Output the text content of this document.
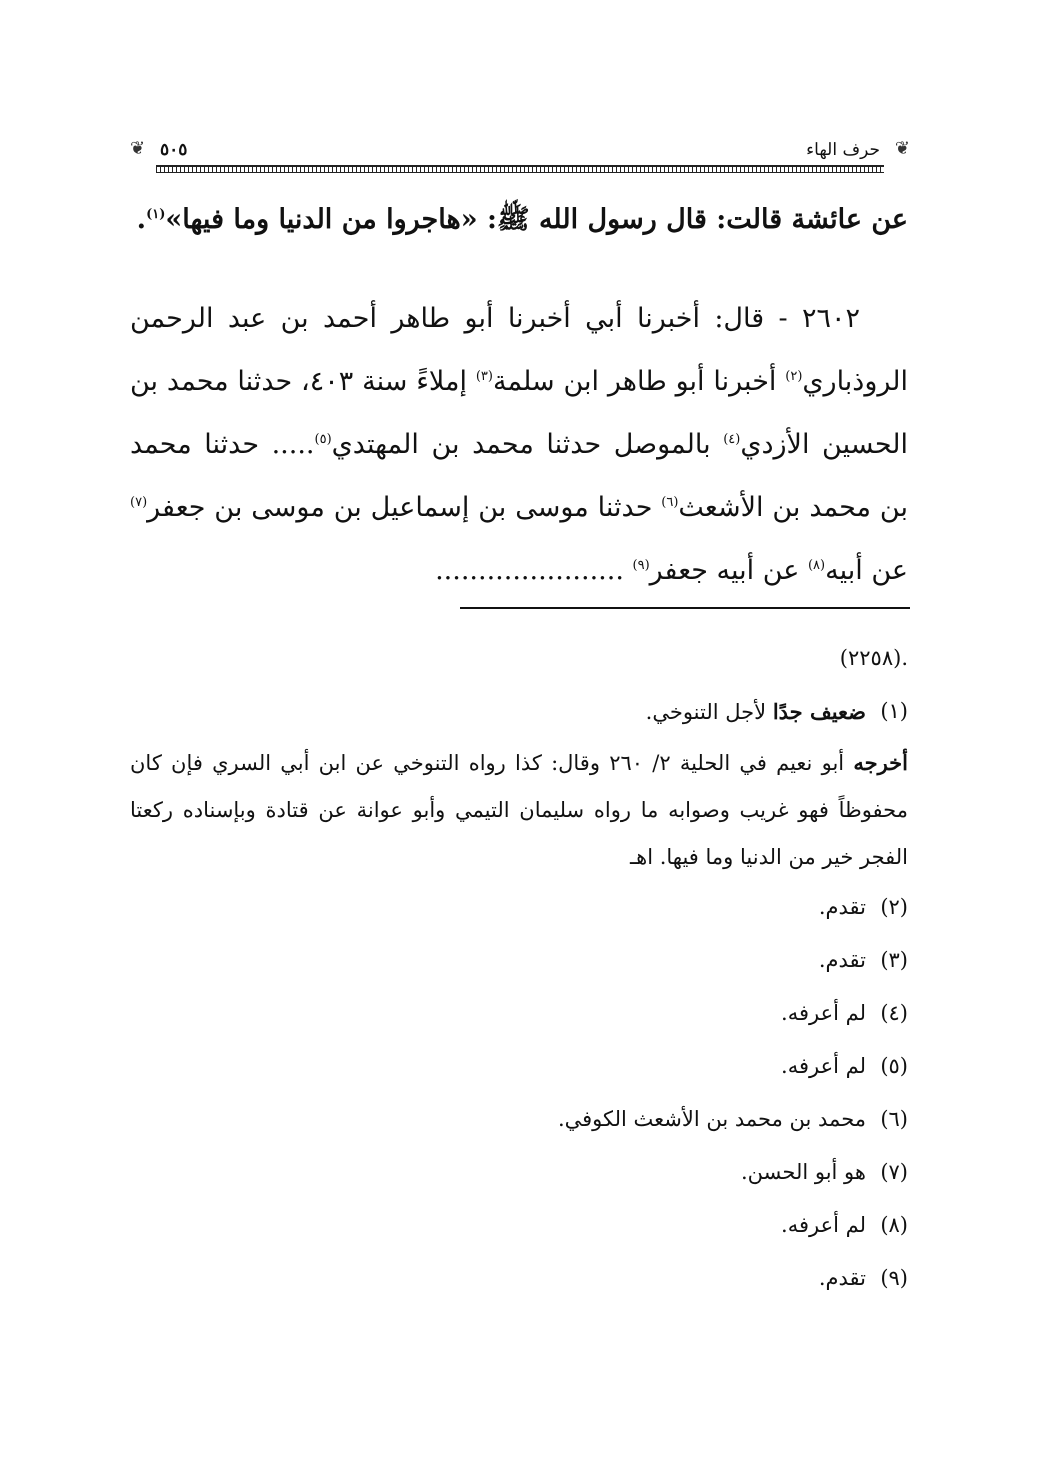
❦
حرف الهاء
٥٠٥
❦

عن عائشة قالت: قال رسول الله ﷺ: «هاجروا من الدنيا وما فيها»$^{(١)}$.

٢٦٠٢ - قال: أخبرنا أبي أخبرنا أبو طاهر أحمد بن عبد الرحمن الروذباري$^{(٢)}$ أخبرنا أبو طاهر ابن سلمة$^{(٣)}$ إملاءً سنة ٤٠٣، حدثنا محمد بن الحسين الأزدي$^{(٤)}$ بالموصل حدثنا محمد بن المهتدي$^{(٥)}$..... حدثنا محمد بن محمد بن الأشعث$^{(٦)}$ حدثنا موسى بن إسماعيل بن موسى بن جعفر$^{(٧)}$ عن أبيه$^{(٨)}$ عن أبيه جعفر$^{(٩)}$ ......................

.(٢٢٥٨)
(١)
ضعيف جدًا لأجل التنوخي.
أخرجه أبو نعيم في الحلية ٢/ ٢٦٠ وقال: كذا رواه التنوخي عن ابن أبي السري فإن كان محفوظاً فهو غريب وصوابه ما رواه سليمان التيمي وأبو عوانة عن قتادة وبإسناده ركعتا الفجر خير من الدنيا وما فيها. اهـ
(٢)
تقدم.
(٣)
تقدم.
(٤)
لم أعرفه.
(٥)
لم أعرفه.
(٦)
محمد بن محمد بن الأشعث الكوفي.
(٧)
هو أبو الحسن.
(٨)
لم أعرفه.
(٩)
تقدم.
